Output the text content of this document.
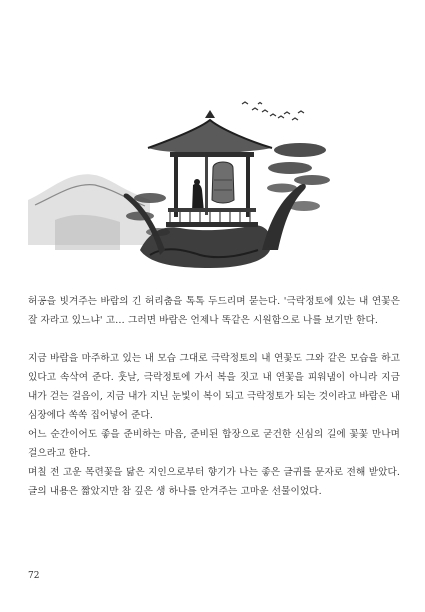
허공을 빗겨주는 바람의 긴 허리춤을 톡톡 두드리며 묻는다. '극락정토에 있는 내 연꽃은 잘 자라고 있느냐' 고… 그러면 바람은 언제나 똑같은 시원함으로 나를 보기만 한다.

지금 바람을 마주하고 있는 내 모습 그대로 극락정토의 내 연꽃도 그와 같은 모습을 하고 있다고 속삭여 준다. 훗날, 극락정토에 가서 복을 짓고 내 연꽃을 피워냄이 아니라 지금 내가 걷는 걸음이, 지금 내가 지닌 눈빛이 복이 되고 극락정토가 되는 것이라고 바람은 내 심장에다 쏙쏙 집어넣어 준다.

어느 순간이어도 좋을 준비하는 마음, 준비된 합장으로 굳건한 신심의 길에 꽃꽃 만나며 걸으라고 한다.

며칠 전 고운 목련꽃을 닮은 지인으로부터 향기가 나는 좋은 글귀를 문자로 전해 받았다. 글의 내용은 짧았지만 참 깊은 생 하나를 안겨주는 고마운 선물이었다.

72
